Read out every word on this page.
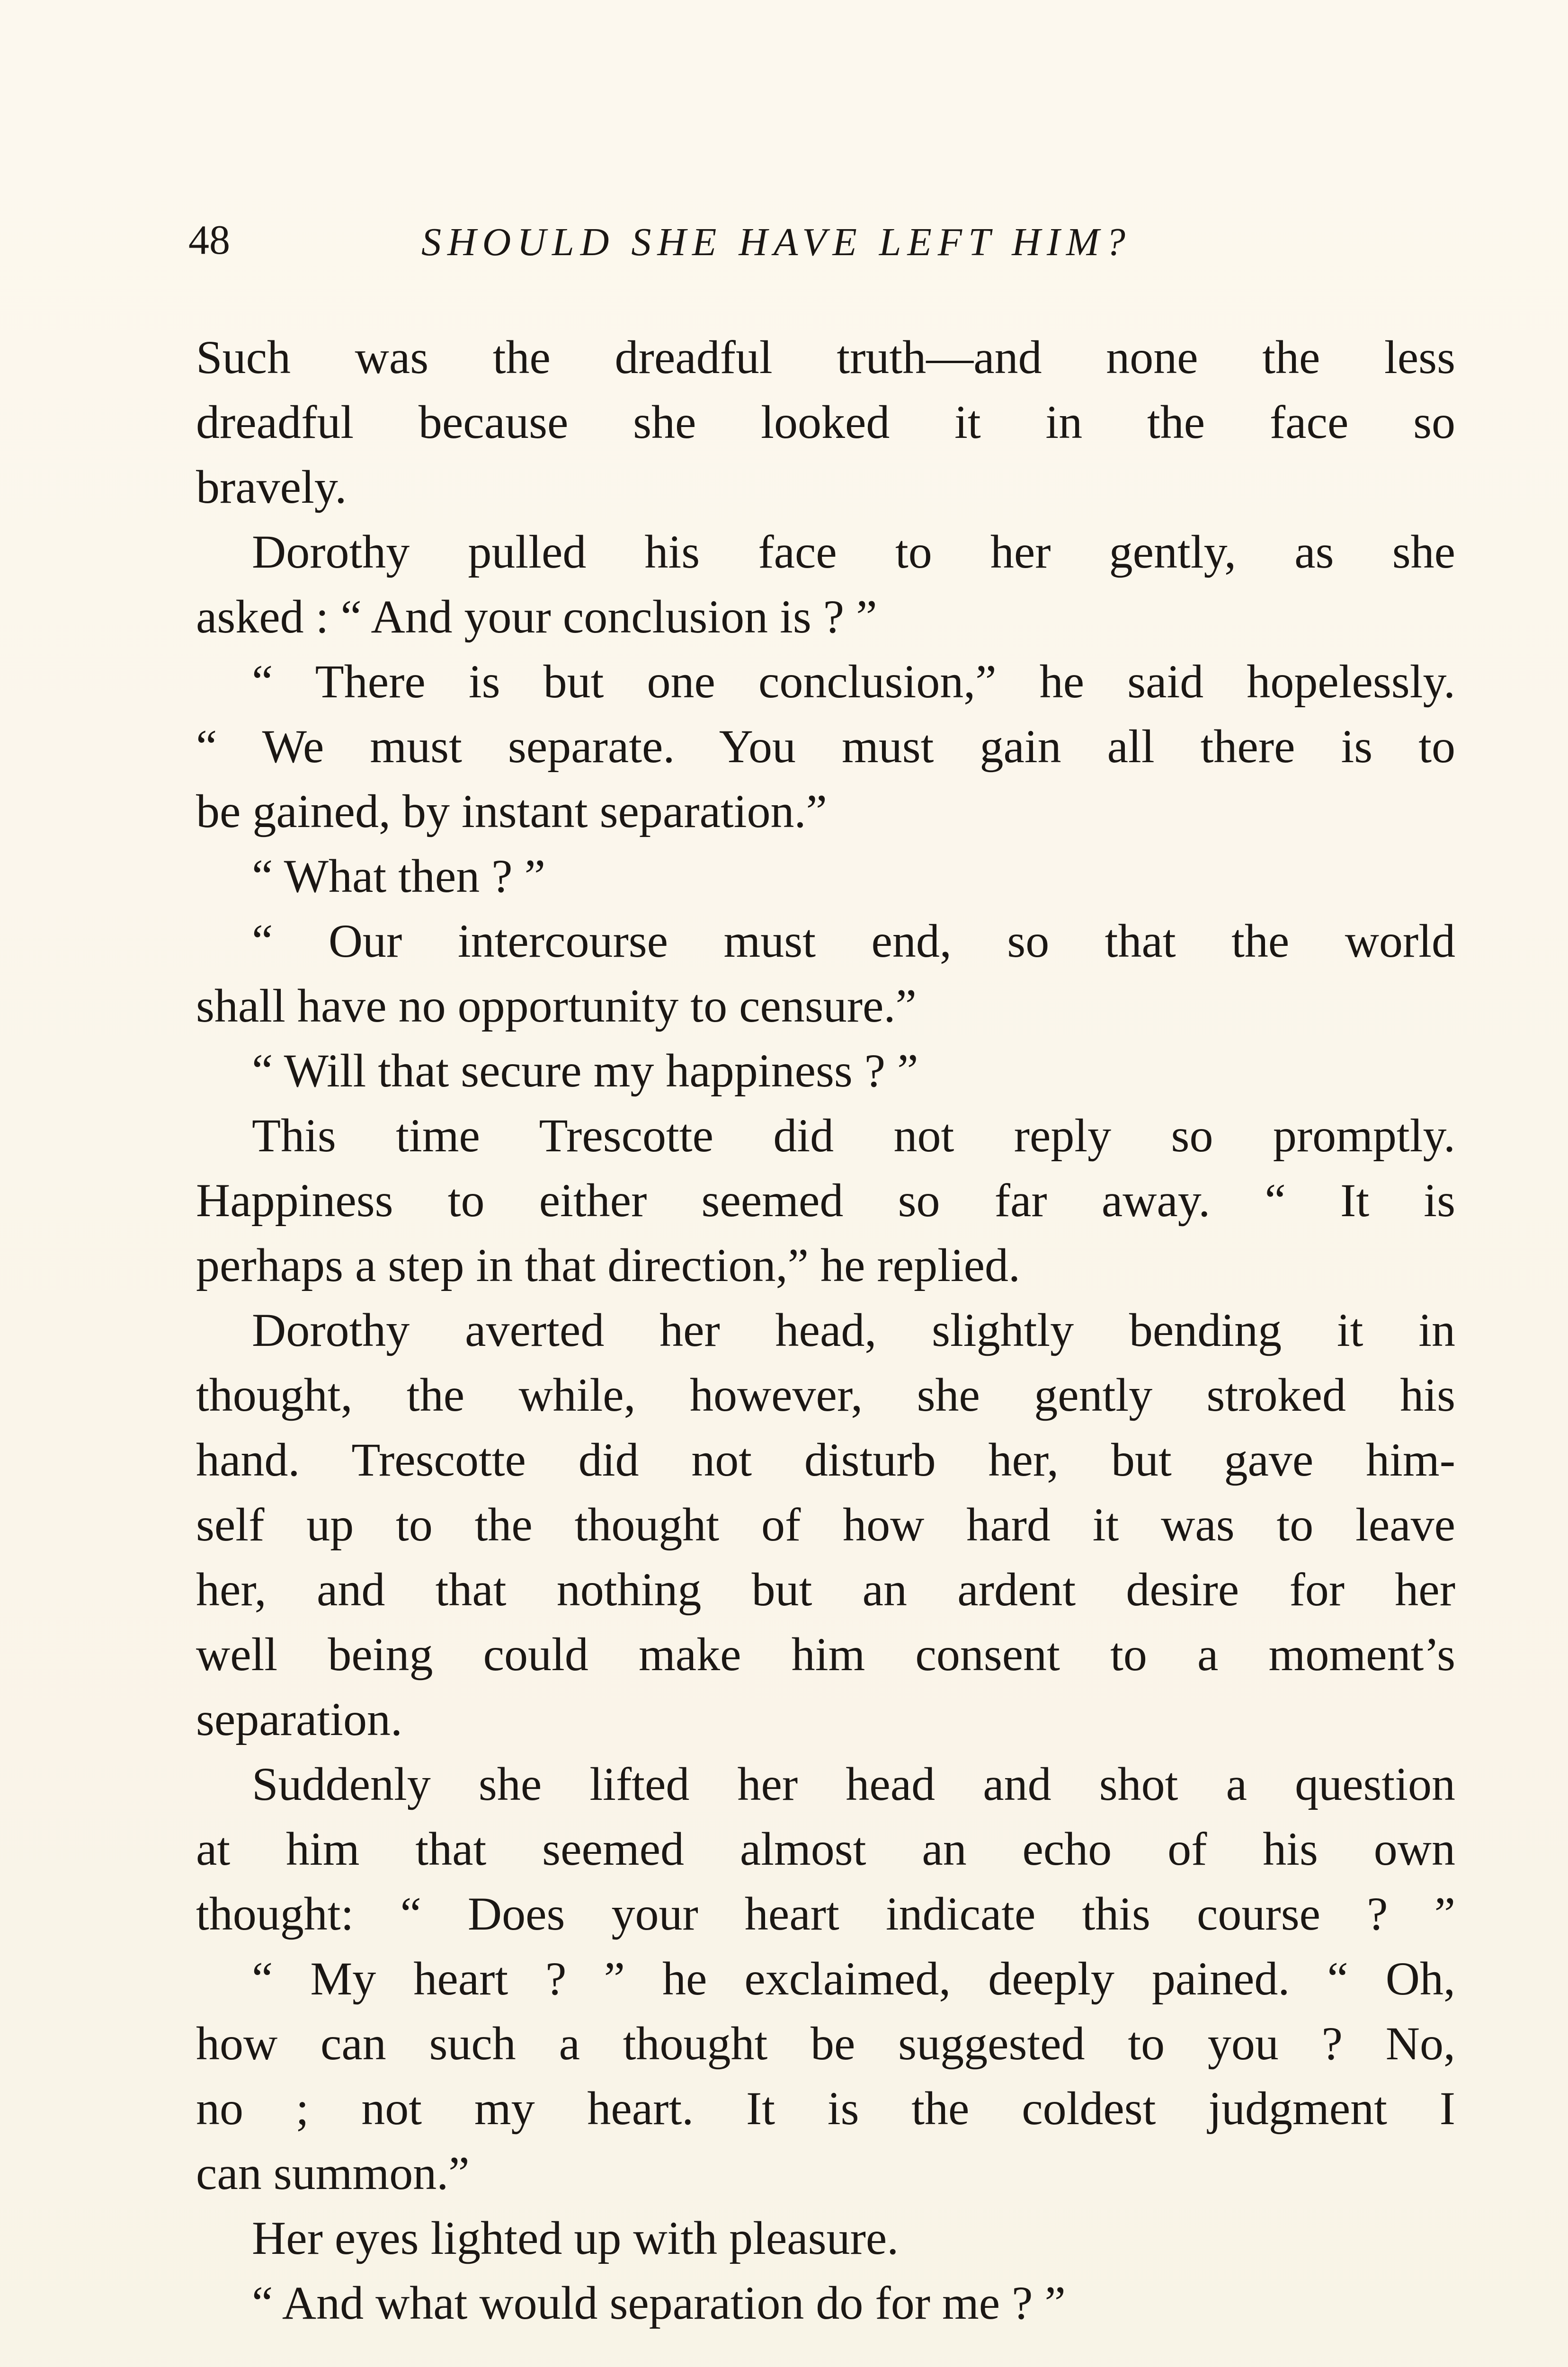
48	SHOULD SHE HAVE LEFT HIM?
Such was the dreadful truth—and none the less
dreadful because she looked it in the face so
bravely.
Dorothy pulled his face to her gently, as she
asked : “ And your conclusion is ? ”
“ There is but one conclusion,” he said hopelessly.
“ We must separate. You must gain all there is to
be gained, by instant separation.”
“ What then ? ”
“ Our intercourse must end, so that the world
shall have no opportunity to censure.”
“ Will that secure my happiness ? ”
This time Trescotte did not reply so promptly.
Happiness to either seemed so far away. “ It is
perhaps a step in that direction,” he replied.
Dorothy averted her head, slightly bending it in
thought, the while, however, she gently stroked his
hand. Trescotte did not disturb her, but gave him-
self up to the thought of how hard it was to leave
her, and that nothing but an ardent desire for her
well being could make him consent to a moment’s
separation.
Suddenly she lifted her head and shot a question
at him that seemed almost an echo of his own
thought: “ Does your heart indicate this course ? ”
“ My heart ? ” he exclaimed, deeply pained. “ Oh,
how can such a thought be suggested to you ? No,
no ; not my heart. It is the coldest judgment I
can summon.”
Her eyes lighted up with pleasure.
“ And what would separation do for me ? ”
